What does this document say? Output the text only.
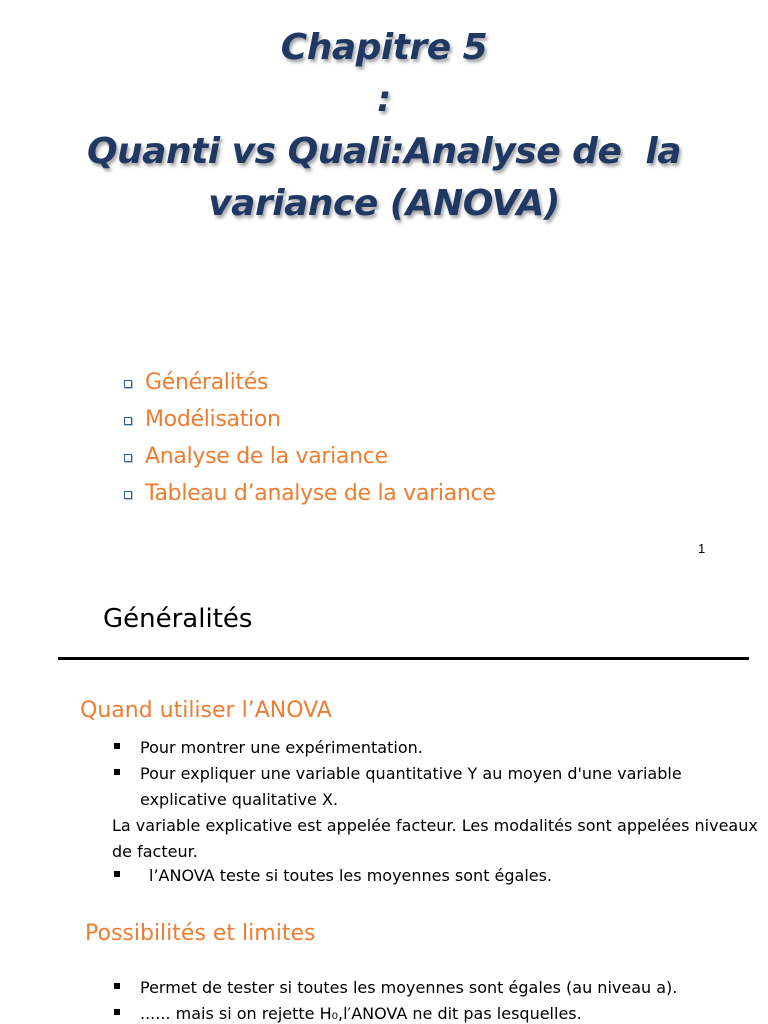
Chapitre 5
:
Quanti vs Quali:Analyse de  la
variance (ANOVA)
Généralités
Modélisation
Analyse de la variance
Tableau d’analyse de la variance
1
Généralités
Quand utiliser l’ANOVA
Pour montrer une expérimentation.
Pour expliquer une variable quantitative Y au moyen d'une variable explicative qualitative X.

La variable explicative est appelée facteur. Les modalités sont appelées niveaux de facteur.

l’ANOVA teste si toutes les moyennes sont égales.
Possibilités et limites
Permet de tester si toutes les moyennes sont égales (au niveau a).
...... mais si on rejette H₀,l′ANOVA ne dit pas lesquelles.
